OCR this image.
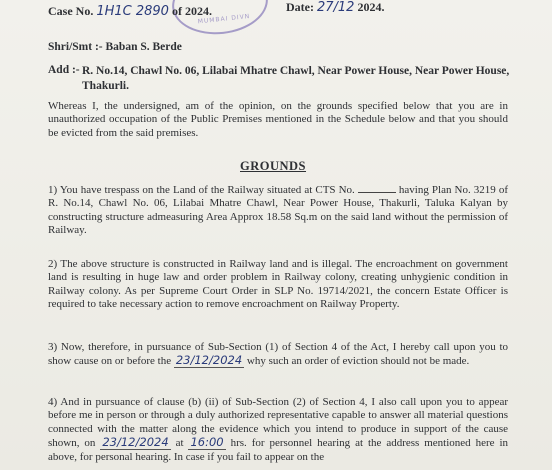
MUMBAI DIVN
Case No. 1H1C 2890 of 2024.	Date: 27/12 2024.
Shri/Smt :- Baban S. Berde
Add :- R. No.14, Chawl No. 06, Lilabai Mhatre Chawl, Near Power House, Near Power House, Thakurli.

Whereas I, the undersigned, am of the opinion, on the grounds specified below that you are in unauthorized occupation of the Public Premises mentioned in the Schedule below and that you should be evicted from the said premises.

GROUNDS

1) You have trespass on the Land of the Railway situated at CTS No.	having Plan No. 3219 of R. No.14, Chawl No. 06, Lilabai Mhatre Chawl, Near Power House, Thakurli, Taluka Kalyan by constructing structure admeasuring Area Approx 18.58 Sq.m on the said land without the permission of Railway.

2) The above structure is constructed in Railway land and is illegal. The encroachment on government land is resulting in huge law and order problem in Railway colony, creating unhygienic condition in Railway colony. As per Supreme Court Order in SLP No. 19714/2021, the concern Estate Officer is required to take necessary action to remove encroachment on Railway Property.

3) Now, therefore, in pursuance of Sub-Section (1) of Section 4 of the Act, I hereby call upon you to show cause on or before the 23/12/2024 why such an order of eviction should not be made.

4) And in pursuance of clause (b) (ii) of Sub-Section (2) of Section 4, I also call upon you to appear before me in person or through a duly authorized representative capable to answer all material questions connected with the matter along the evidence which you intend to produce in support of the cause shown, on 23/12/2024 at 16:00 hrs. for personnel hearing at the address mentioned here in above, for personal hearing. In case if you fail to appear on the
